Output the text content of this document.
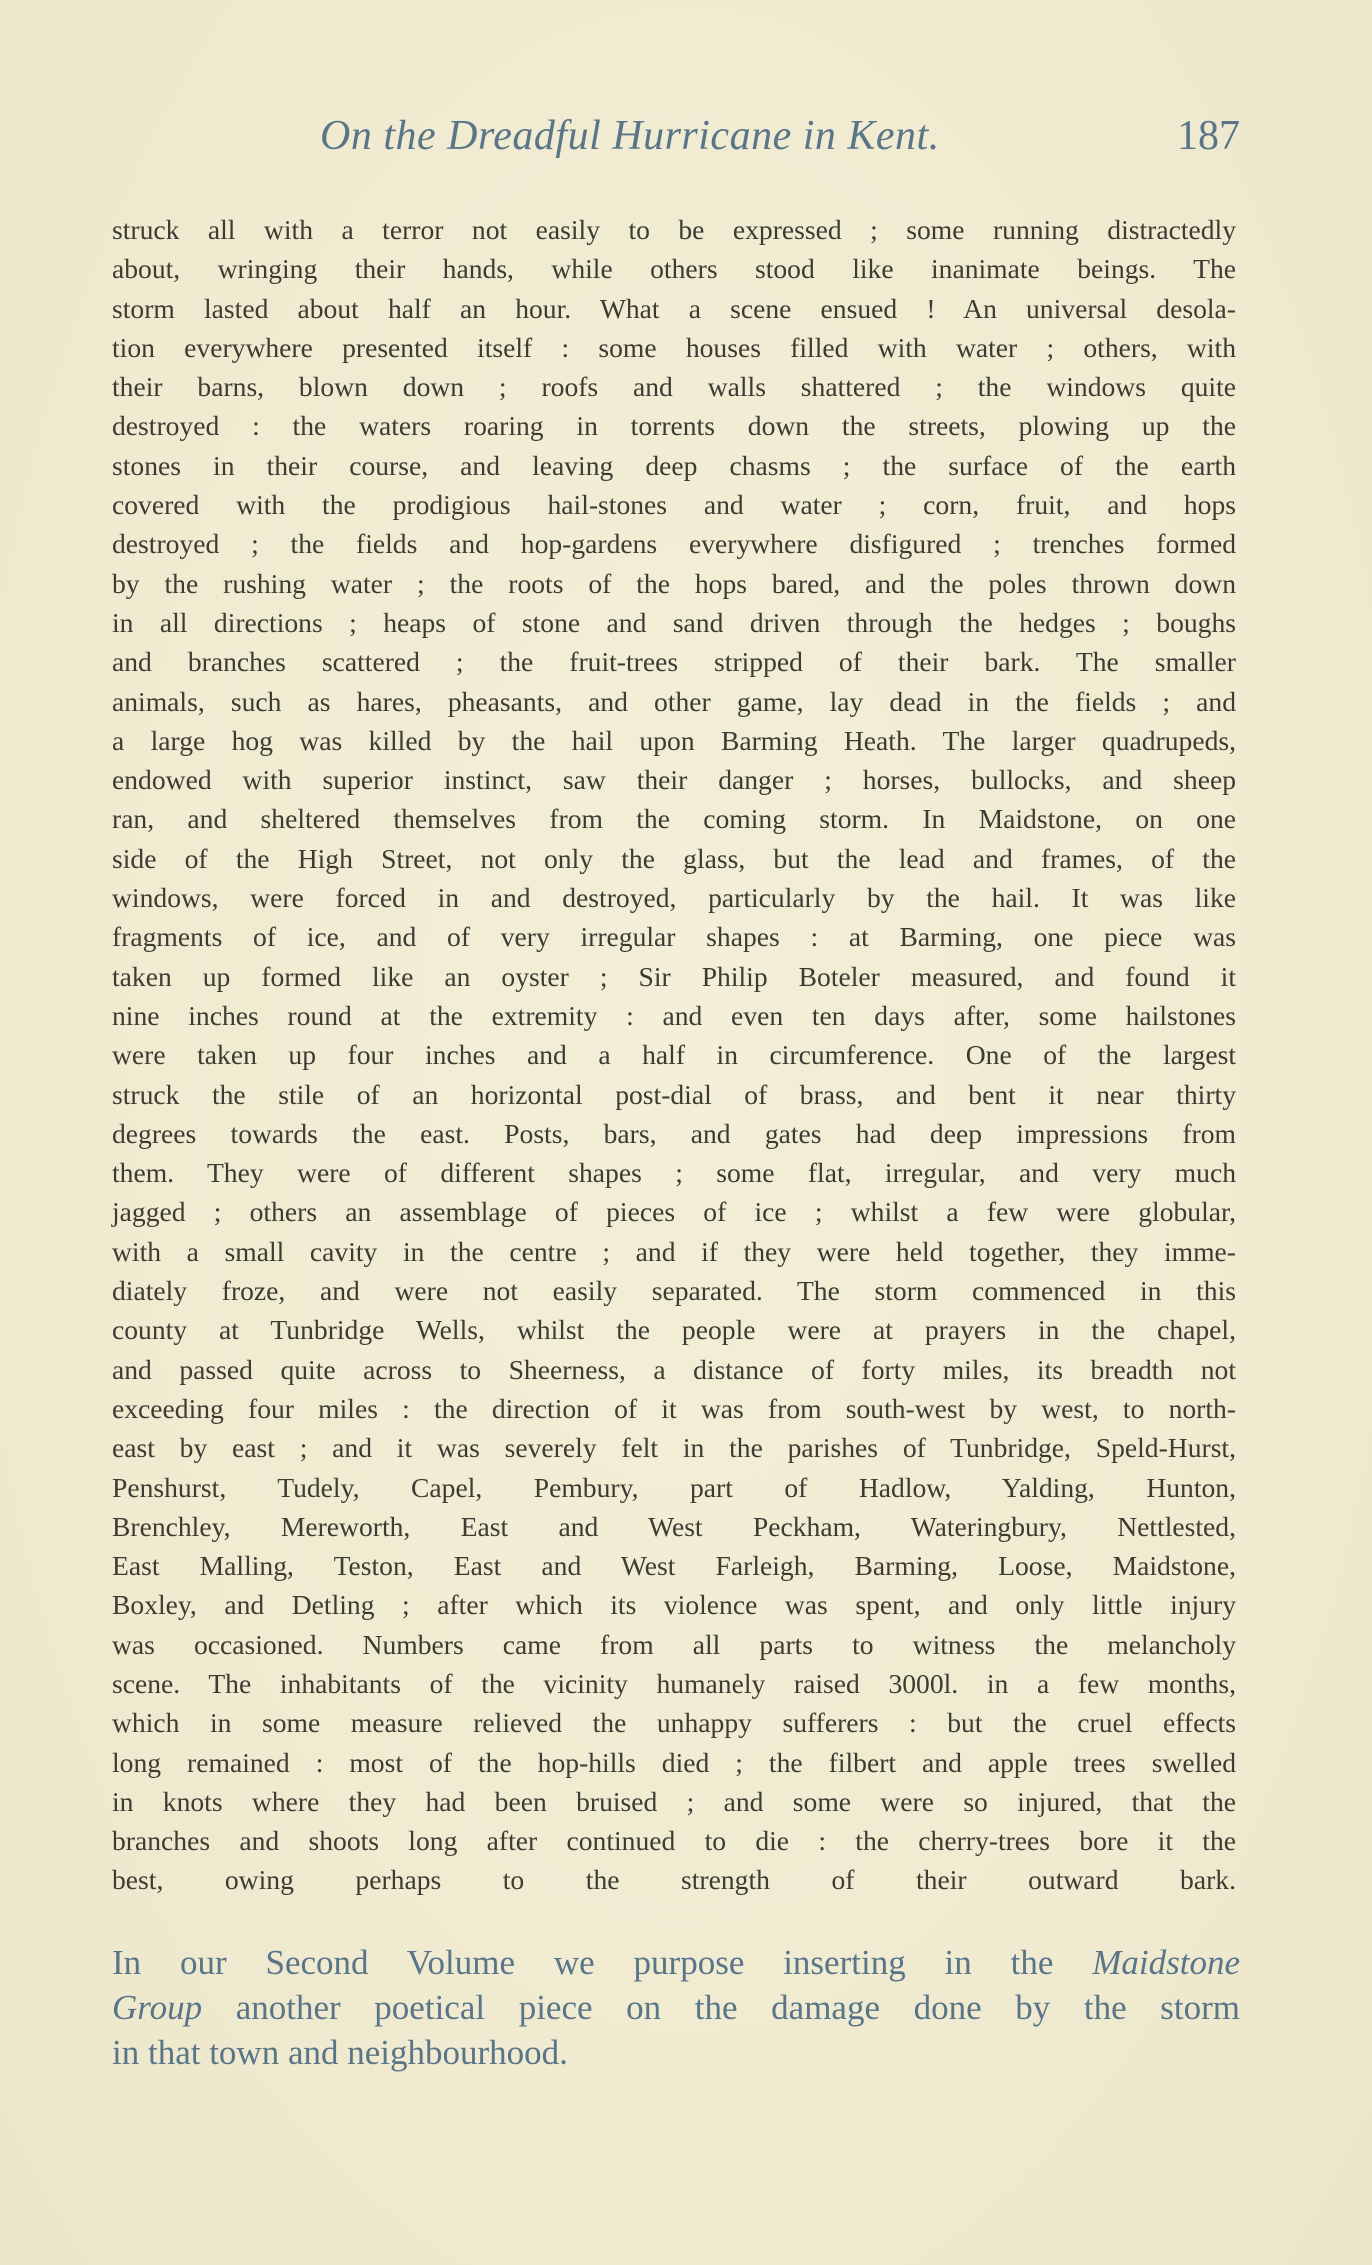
On the Dreadful Hurricane in Kent.	187
struck all with a terror not easily to be expressed ; some running distractedly
about, wringing their hands, while others stood like inanimate beings. The
storm lasted about half an hour. What a scene ensued ! An universal desola-
tion everywhere presented itself : some houses filled with water ; others, with
their barns, blown down ; roofs and walls shattered ; the windows quite
destroyed : the waters roaring in torrents down the streets, plowing up the
stones in their course, and leaving deep chasms ; the surface of the earth
covered with the prodigious hail-stones and water ; corn, fruit, and hops
destroyed ; the fields and hop-gardens everywhere disfigured ; trenches formed
by the rushing water ; the roots of the hops bared, and the poles thrown down
in all directions ; heaps of stone and sand driven through the hedges ; boughs
and branches scattered ; the fruit-trees stripped of their bark. The smaller
animals, such as hares, pheasants, and other game, lay dead in the fields ; and
a large hog was killed by the hail upon Barming Heath. The larger quadrupeds,
endowed with superior instinct, saw their danger ; horses, bullocks, and sheep
ran, and sheltered themselves from the coming storm. In Maidstone, on one
side of the High Street, not only the glass, but the lead and frames, of the
windows, were forced in and destroyed, particularly by the hail. It was like
fragments of ice, and of very irregular shapes : at Barming, one piece was
taken up formed like an oyster ; Sir Philip Boteler measured, and found it
nine inches round at the extremity : and even ten days after, some hailstones
were taken up four inches and a half in circumference. One of the largest
struck the stile of an horizontal post-dial of brass, and bent it near thirty
degrees towards the east. Posts, bars, and gates had deep impressions from
them. They were of different shapes ; some flat, irregular, and very much
jagged ; others an assemblage of pieces of ice ; whilst a few were globular,
with a small cavity in the centre ; and if they were held together, they imme-
diately froze, and were not easily separated. The storm commenced in this
county at Tunbridge Wells, whilst the people were at prayers in the chapel,
and passed quite across to Sheerness, a distance of forty miles, its breadth not
exceeding four miles : the direction of it was from south-west by west, to north-
east by east ; and it was severely felt in the parishes of Tunbridge, Speld-Hurst,
Penshurst, Tudely, Capel, Pembury, part of Hadlow, Yalding, Hunton,
Brenchley, Mereworth, East and West Peckham, Wateringbury, Nettlested,
East Malling, Teston, East and West Farleigh, Barming, Loose, Maidstone,
Boxley, and Detling ; after which its violence was spent, and only little injury
was occasioned. Numbers came from all parts to witness the melancholy
scene. The inhabitants of the vicinity humanely raised 3000l. in a few months,
which in some measure relieved the unhappy sufferers : but the cruel effects
long remained : most of the hop-hills died ; the filbert and apple trees swelled
in knots where they had been bruised ; and some were so injured, that the
branches and shoots long after continued to die : the cherry-trees bore it the
best, owing perhaps to the strength of their outward bark.
In our Second Volume we purpose inserting in the Maidstone
Group another poetical piece on the damage done by the storm
in that town and neighbourhood.
